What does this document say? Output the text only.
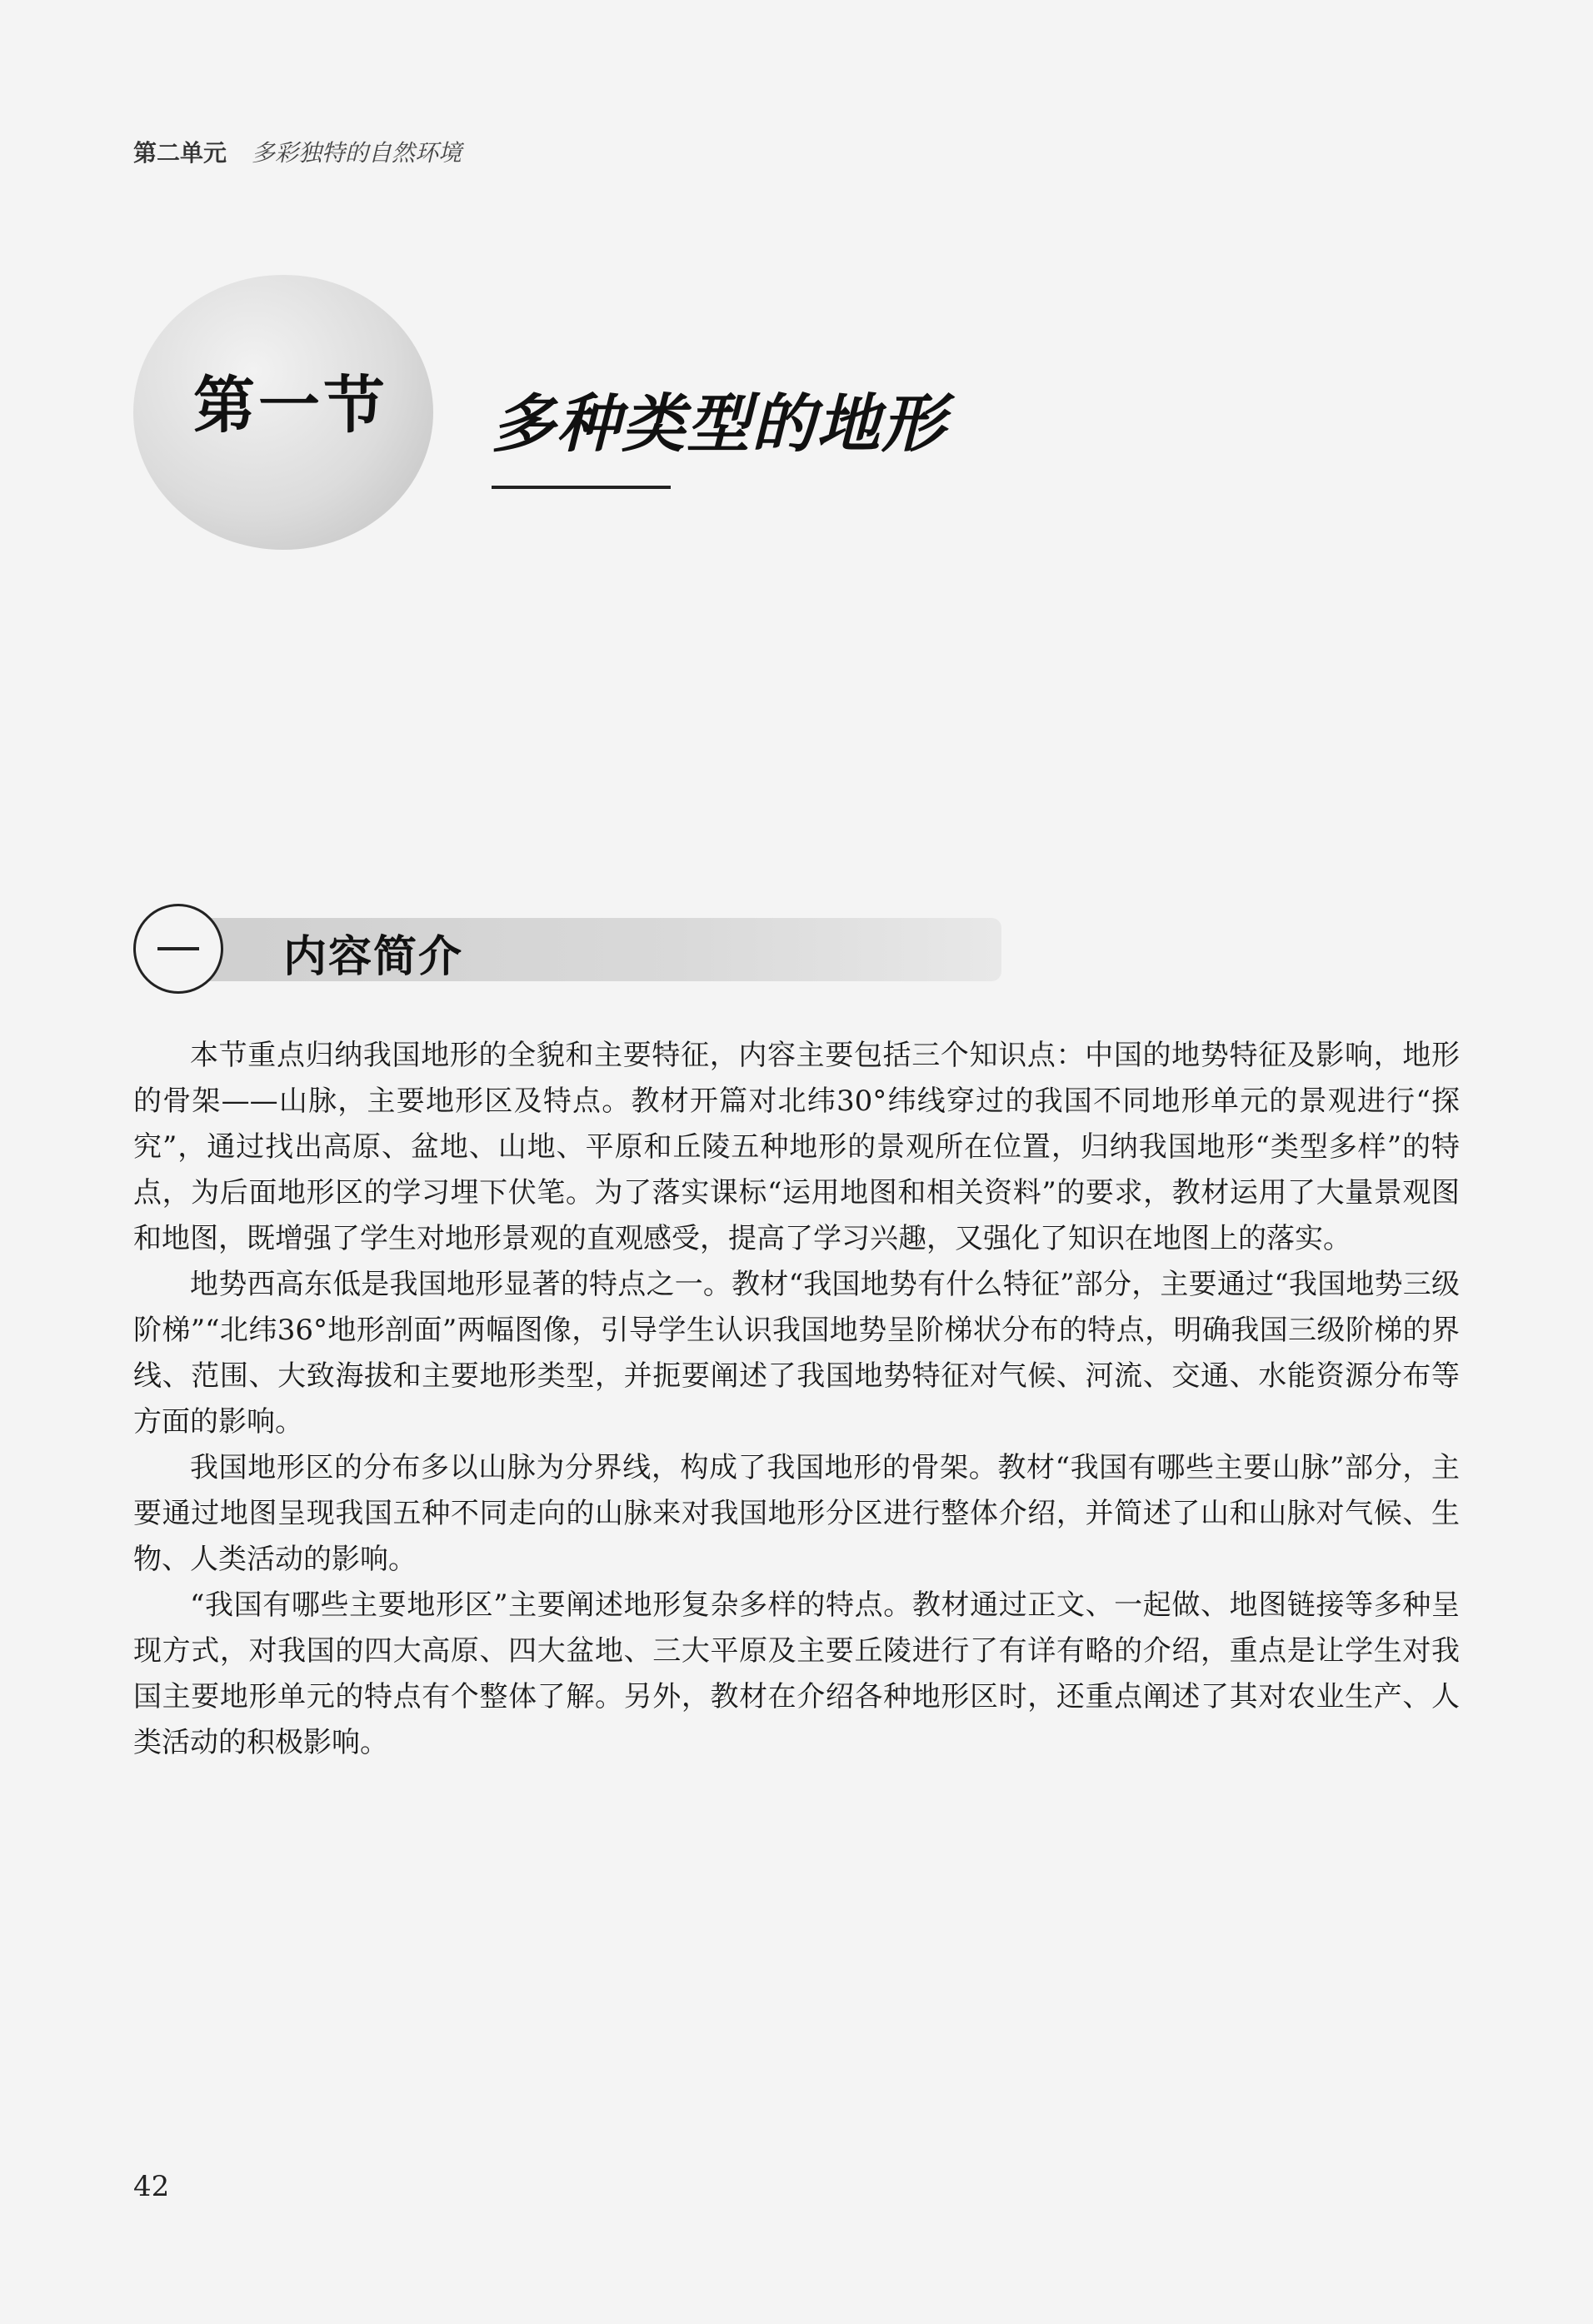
第二单元 多彩独特的自然环境
第一节 多种类型的地形
内容简介

本节重点归纳我国地形的全貌和主要特征，内容主要包括三个知识点：中国的地势特征及影响，地形的骨架——山脉，主要地形区及特点。教材开篇对北纬30°纬线穿过的我国不同地形单元的景观进行“探究”，通过找出高原、盆地、山地、平原和丘陵五种地形的景观所在位置，归纳我国地形“类型多样”的特点，为后面地形区的学习埋下伏笔。为了落实课标“运用地图和相关资料”的要求，教材运用了大量景观图和地图，既增强了学生对地形景观的直观感受，提高了学习兴趣，又强化了知识在地图上的落实。

地势西高东低是我国地形显著的特点之一。教材“我国地势有什么特征”部分，主要通过“我国地势三级阶梯”“北纬36°地形剖面”两幅图像，引导学生认识我国地势呈阶梯状分布的特点，明确我国三级阶梯的界线、范围、大致海拔和主要地形类型，并扼要阐述了我国地势特征对气候、河流、交通、水能资源分布等方面的影响。

我国地形区的分布多以山脉为分界线，构成了我国地形的骨架。教材“我国有哪些主要山脉”部分，主要通过地图呈现我国五种不同走向的山脉来对我国地形分区进行整体介绍，并简述了山和山脉对气候、生物、人类活动的影响。

“我国有哪些主要地形区”主要阐述地形复杂多样的特点。教材通过正文、一起做、地图链接等多种呈现方式，对我国的四大高原、四大盆地、三大平原及主要丘陵进行了有详有略的介绍，重点是让学生对我国主要地形单元的特点有个整体了解。另外，教材在介绍各种地形区时，还重点阐述了其对农业生产、人类活动的积极影响。

42
